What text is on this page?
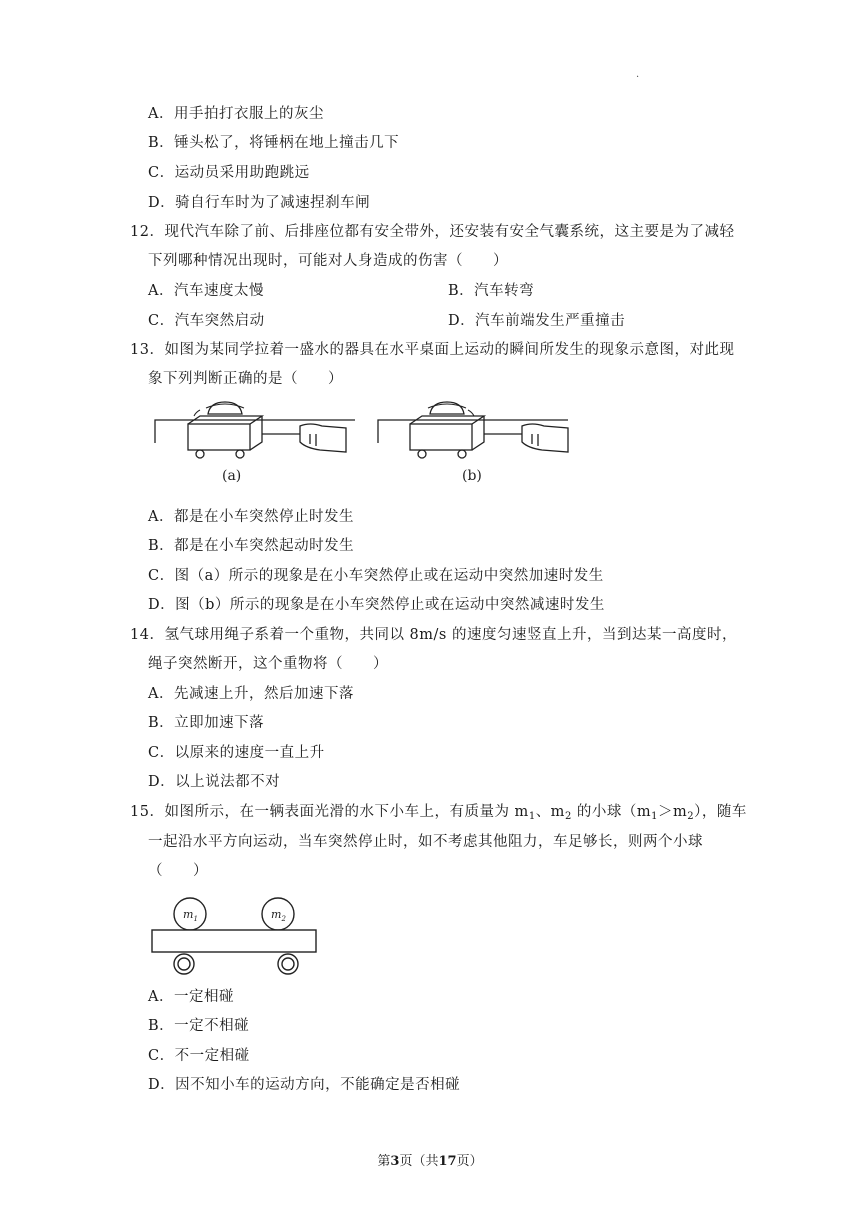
·
A．用手拍打衣服上的灰尘
B．锤头松了，将锤柄在地上撞击几下
C．运动员采用助跑跳远
D．骑自行车时为了减速捏刹车闸
12．现代汽车除了前、后排座位都有安全带外，还安装有安全气囊系统，这主要是为了减轻
下列哪种情况出现时，可能对人身造成的伤害（　　）
A．汽车速度太慢	B．汽车转弯
C．汽车突然启动	D．汽车前端发生严重撞击
13．如图为某同学拉着一盛水的器具在水平桌面上运动的瞬间所发生的现象示意图，对此现
象下列判断正确的是（　　）
(a)	(b)
A．都是在小车突然停止时发生
B．都是在小车突然起动时发生
C．图（a）所示的现象是在小车突然停止或在运动中突然加速时发生
D．图（b）所示的现象是在小车突然停止或在运动中突然减速时发生
14．氢气球用绳子系着一个重物，共同以 8m/s 的速度匀速竖直上升，当到达某一高度时，
绳子突然断开，这个重物将（　　）
A．先减速上升，然后加速下落
B．立即加速下落
C．以原来的速度一直上升
D．以上说法都不对
15．如图所示，在一辆表面光滑的水下小车上，有质量为 $m_1$、$m_2$ 的小球$(m_1>m_2)$，随车
一起沿水平方向运动，当车突然停止时，如不考虑其他阻力，车足够长，则两个小球
（　　）
$m_1$	$m_2$
A．一定相碰
B．一定不相碰
C．不一定相碰
D．因不知小车的运动方向，不能确定是否相碰
第3页（共17页）
